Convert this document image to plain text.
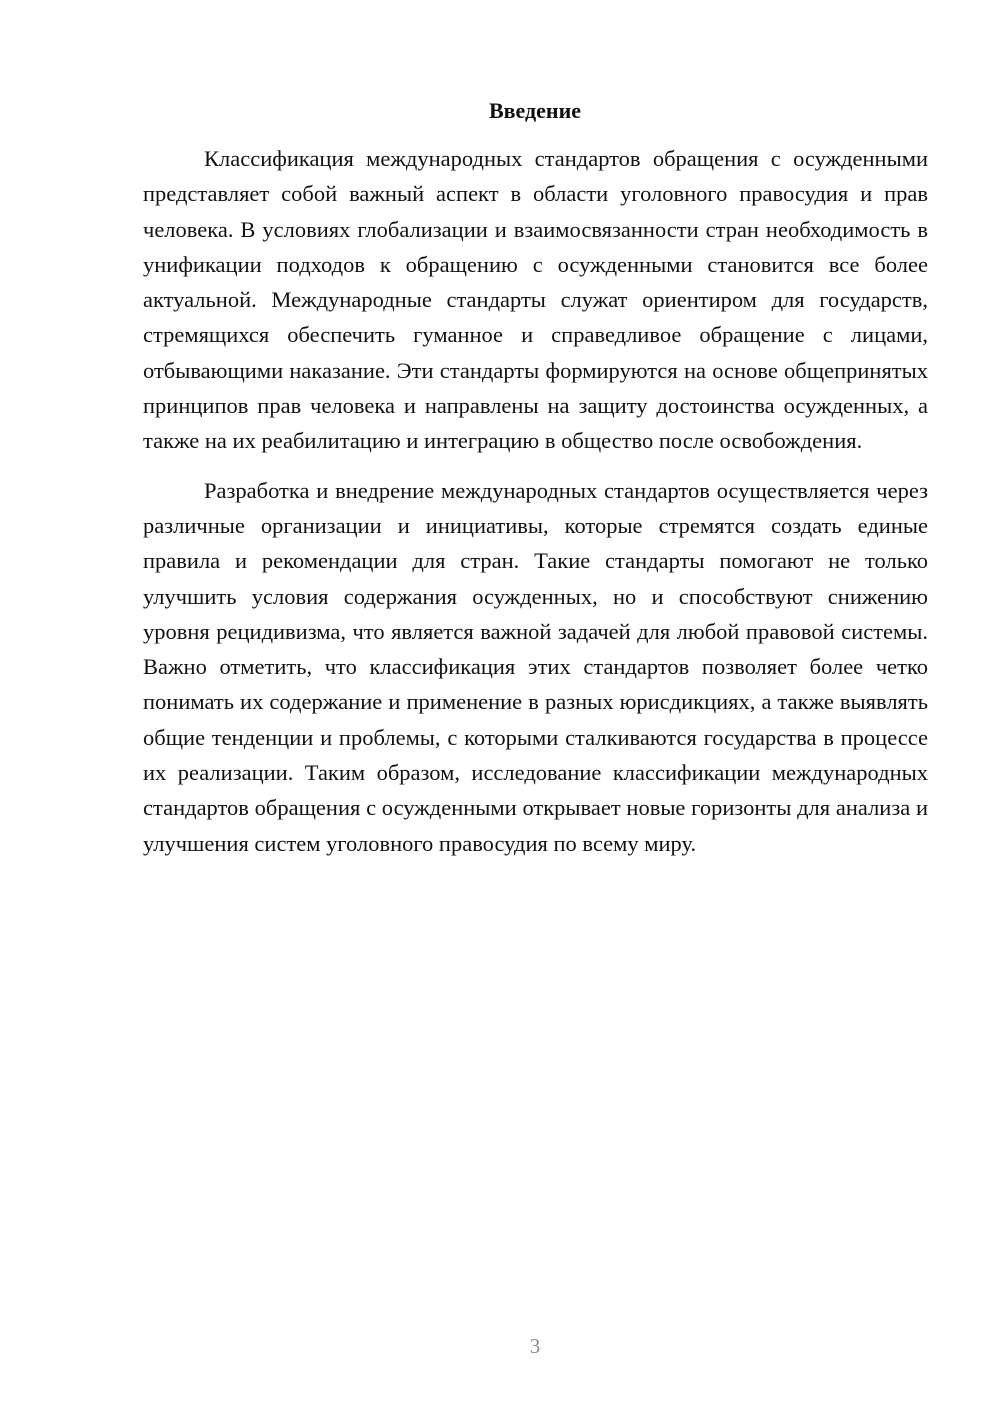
Введение

Классификация международных стандартов обращения с осужденными представляет собой важный аспект в области уголовного правосудия и прав человека. В условиях глобализации и взаимосвязанности стран необходимость в унификации подходов к обращению с осужденными становится все более актуальной. Международные стандарты служат ориентиром для государств, стремящихся обеспечить гуманное и справедливое обращение с лицами, отбывающими наказание. Эти стандарты формируются на основе общепринятых принципов прав человека и направлены на защиту достоинства осужденных, а также на их реабилитацию и интеграцию в общество после освобождения.

Разработка и внедрение международных стандартов осуществляется через различные организации и инициативы, которые стремятся создать единые правила и рекомендации для стран. Такие стандарты помогают не только улучшить условия содержания осужденных, но и способствуют снижению уровня рецидивизма, что является важной задачей для любой правовой системы. Важно отметить, что классификация этих стандартов позволяет более четко понимать их содержание и применение в разных юрисдикциях, а также выявлять общие тенденции и проблемы, с которыми сталкиваются государства в процессе их реализации. Таким образом, исследование классификации международных стандартов обращения с осужденными открывает новые горизонты для анализа и улучшения систем уголовного правосудия по всему миру.

3
